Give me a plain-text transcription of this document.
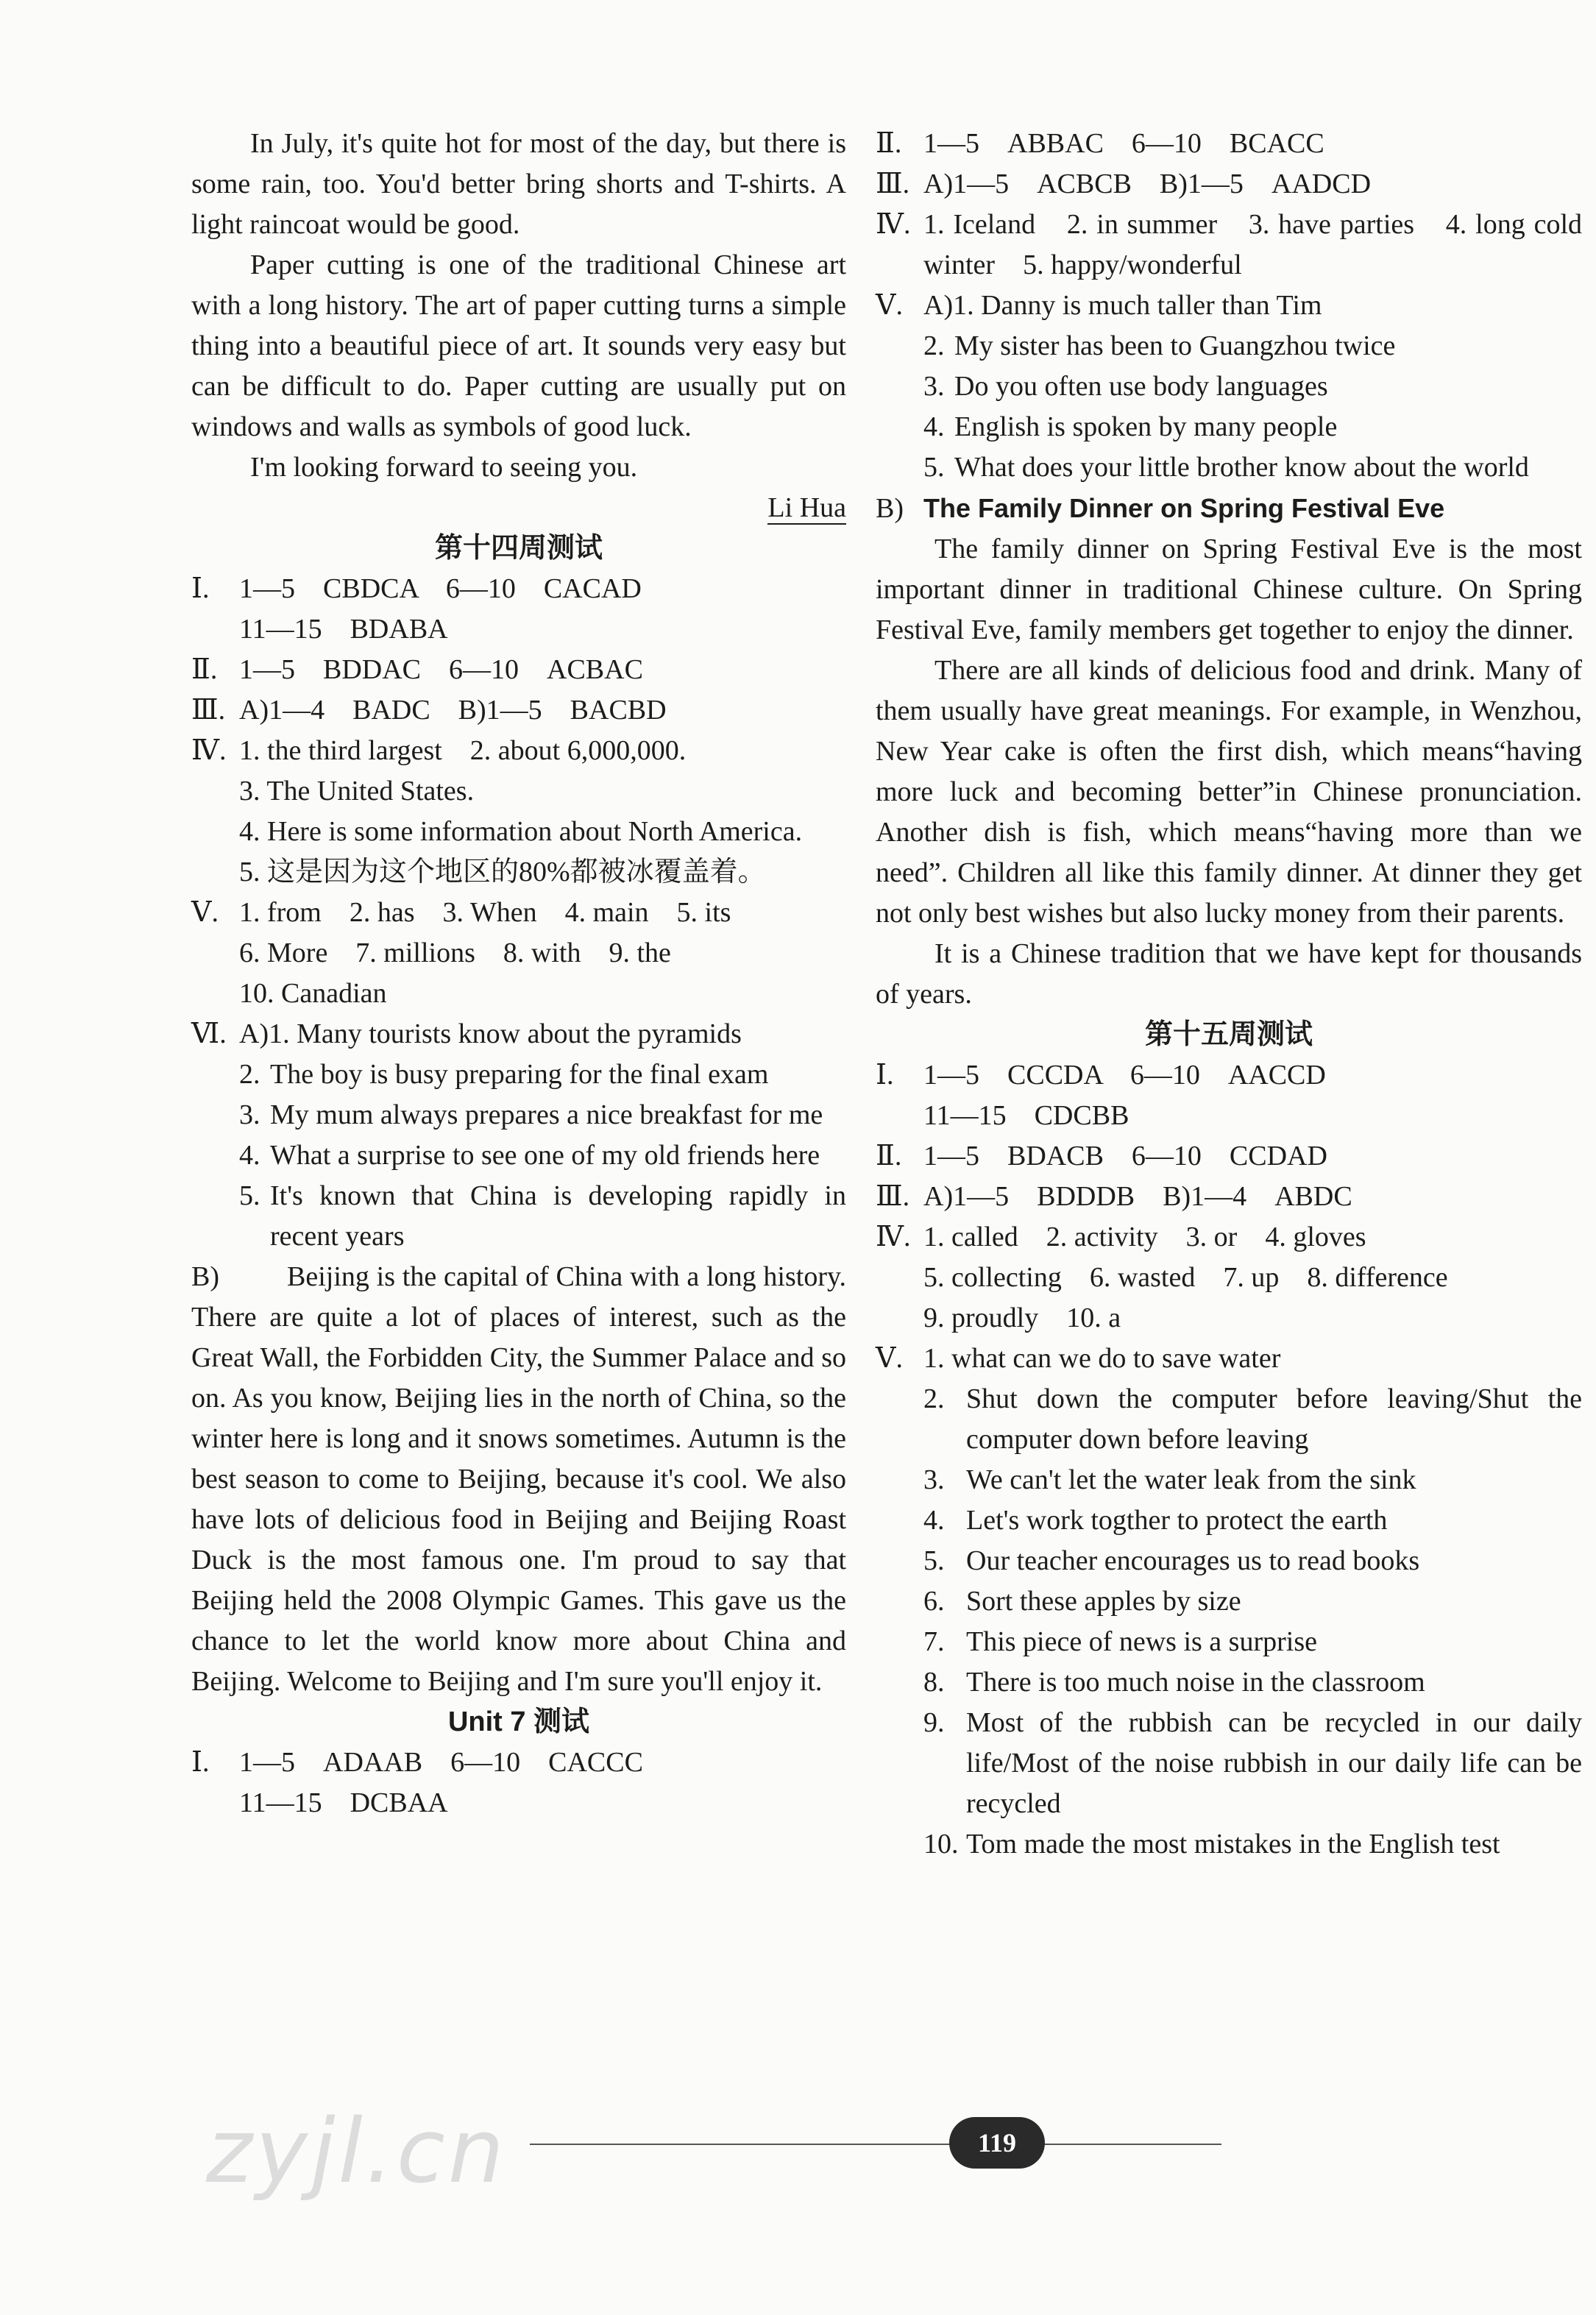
In July, it's quite hot for most of the day, but there is some rain, too. You'd better bring shorts and T-shirts. A light raincoat would be good.
Paper cutting is one of the traditional Chinese art with a long history. The art of paper cutting turns a simple thing into a beautiful piece of art. It sounds very easy but can be difficult to do. Paper cutting are usually put on windows and walls as symbols of good luck.
I'm looking forward to seeing you.
Li Hua
第十四周测试
Ⅰ.	1—5　CBDCA　6—10　CACAD
11—15　BDABA
Ⅱ. 1—5　BDDAC　6—10　ACBAC
Ⅲ. A)1—4　BADC　B)1—5　BACBD
Ⅳ. 1. the third largest　2. about 6,000,000.
3. The United States.
4. Here is some information about North America.
5. 这是因为这个地区的80%都被冰覆盖着。
Ⅴ. 1. from　2. has　3. When　4. main　5. its
6. More　7. millions　8. with　9. the
10. Canadian
Ⅵ. A)1. Many tourists know about the pyramids
2. The boy is busy preparing for the final exam
3. My mum always prepares a nice breakfast for me
4. What a surprise to see one of my old friends here
5. It's known that China is developing rapidly in recent years
B) Beijing is the capital of China with a long history. There are quite a lot of places of interest, such as the Great Wall, the Forbidden City, the Summer Palace and so on. As you know, Beijing lies in the north of China, so the winter here is long and it snows sometimes. Autumn is the best season to come to Beijing, because it's cool. We also have lots of delicious food in Beijing and Beijing Roast Duck is the most famous one. I'm proud to say that Beijing held the 2008 Olympic Games. This gave us the chance to let the world know more about China and Beijing. Welcome to Beijing and I'm sure you'll enjoy it.
Unit 7 测试
Ⅰ.	1—5　ADAAB　6—10　CACCC
11—15　DCBAA
Ⅱ. 1—5　ABBAC　6—10　BCACC
Ⅲ. A)1—5　ACBCB　B)1—5　AADCD
Ⅳ. 1. Iceland　2. in summer　3. have parties　4. long cold winter　5. happy/wonderful
Ⅴ. A)1. Danny is much taller than Tim
2. My sister has been to Guangzhou twice
3. Do you often use body languages
4. English is spoken by many people
5. What does your little brother know about the world
B) The Family Dinner on Spring Festival Eve
The family dinner on Spring Festival Eve is the most important dinner in traditional Chinese culture. On Spring Festival Eve, family members get together to enjoy the dinner.
There are all kinds of delicious food and drink. Many of them usually have great meanings. For example, in Wenzhou, New Year cake is often the first dish, which means“having more luck and becoming better”in Chinese pronunciation. Another dish is fish, which means“having more than we need”. Children all like this family dinner. At dinner they get not only best wishes but also lucky money from their parents.
It is a Chinese tradition that we have kept for thousands of years.
第十五周测试
Ⅰ.	1—5　CCCDA　6—10　AACCD
11—15　CDCBB
Ⅱ. 1—5　BDACB　6—10　CCDAD
Ⅲ. A)1—5　BDDDB　B)1—4　ABDC
Ⅳ. 1. called　2. activity　3. or　4. gloves
5. collecting　6. wasted　7. up　8. difference
9. proudly　10. a
Ⅴ. 1. what can we do to save water
2. Shut down the computer before leaving/Shut the computer down before leaving
3. We can't let the water leak from the sink
4. Let's work togther to protect the earth
5. Our teacher encourages us to read books
6. Sort these apples by size
7. This piece of news is a surprise
8. There is too much noise in the classroom
9. Most of the rubbish can be recycled in our daily life/Most of the noise rubbish in our daily life can be recycled
10. Tom made the most mistakes in the English test
zyjl.cn	119
